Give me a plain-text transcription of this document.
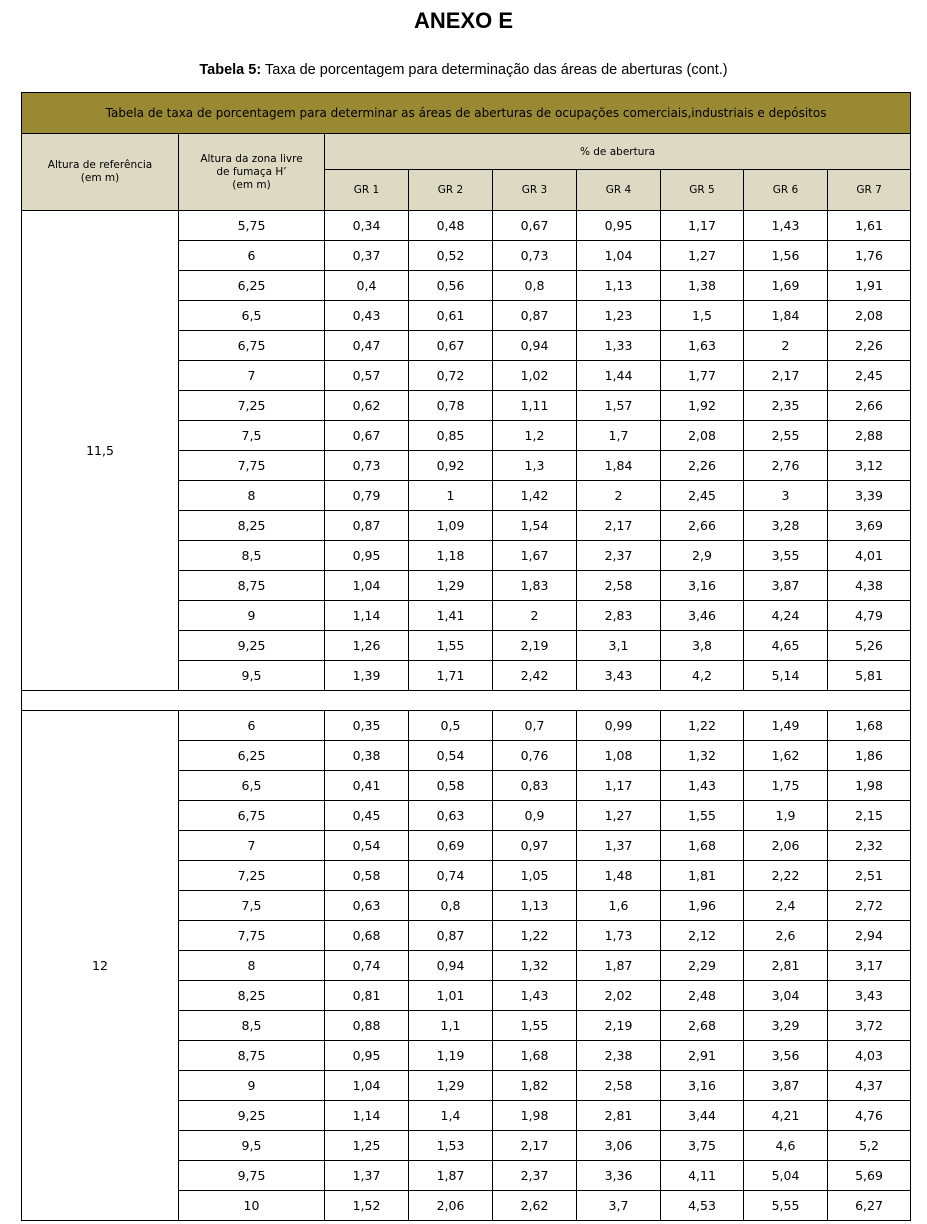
ANEXO E
Tabela 5: Taxa de porcentagem para determinação das áreas de aberturas (cont.)
Tabela de taxa de porcentagem para determinar as áreas de aberturas de ocupações comerciais,industriais e depósitos								
Altura de referência
(em m)	Altura da zona livre
de fumaça H’
(em m)	% de abertura						
		GR 1	GR 2	GR 3	GR 4	GR 5	GR 6	GR 7
11,5	5,75	0,34	0,48	0,67	0,95	1,17	1,43	1,61
	6	0,37	0,52	0,73	1,04	1,27	1,56	1,76
	6,25	0,4	0,56	0,8	1,13	1,38	1,69	1,91
	6,5	0,43	0,61	0,87	1,23	1,5	1,84	2,08
	6,75	0,47	0,67	0,94	1,33	1,63	2	2,26
	7	0,57	0,72	1,02	1,44	1,77	2,17	2,45
	7,25	0,62	0,78	1,11	1,57	1,92	2,35	2,66
	7,5	0,67	0,85	1,2	1,7	2,08	2,55	2,88
	7,75	0,73	0,92	1,3	1,84	2,26	2,76	3,12
	8	0,79	1	1,42	2	2,45	3	3,39
	8,25	0,87	1,09	1,54	2,17	2,66	3,28	3,69
	8,5	0,95	1,18	1,67	2,37	2,9	3,55	4,01
	8,75	1,04	1,29	1,83	2,58	3,16	3,87	4,38
	9	1,14	1,41	2	2,83	3,46	4,24	4,79
	9,25	1,26	1,55	2,19	3,1	3,8	4,65	5,26
	9,5	1,39	1,71	2,42	3,43	4,2	5,14	5,81

12	6	0,35	0,5	0,7	0,99	1,22	1,49	1,68
	6,25	0,38	0,54	0,76	1,08	1,32	1,62	1,86
	6,5	0,41	0,58	0,83	1,17	1,43	1,75	1,98
	6,75	0,45	0,63	0,9	1,27	1,55	1,9	2,15
	7	0,54	0,69	0,97	1,37	1,68	2,06	2,32
	7,25	0,58	0,74	1,05	1,48	1,81	2,22	2,51
	7,5	0,63	0,8	1,13	1,6	1,96	2,4	2,72
	7,75	0,68	0,87	1,22	1,73	2,12	2,6	2,94
	8	0,74	0,94	1,32	1,87	2,29	2,81	3,17
	8,25	0,81	1,01	1,43	2,02	2,48	3,04	3,43
	8,5	0,88	1,1	1,55	2,19	2,68	3,29	3,72
	8,75	0,95	1,19	1,68	2,38	2,91	3,56	4,03
	9	1,04	1,29	1,82	2,58	3,16	3,87	4,37
	9,25	1,14	1,4	1,98	2,81	3,44	4,21	4,76
	9,5	1,25	1,53	2,17	3,06	3,75	4,6	5,2
	9,75	1,37	1,87	2,37	3,36	4,11	5,04	5,69
	10	1,52	2,06	2,62	3,7	4,53	5,55	6,27
